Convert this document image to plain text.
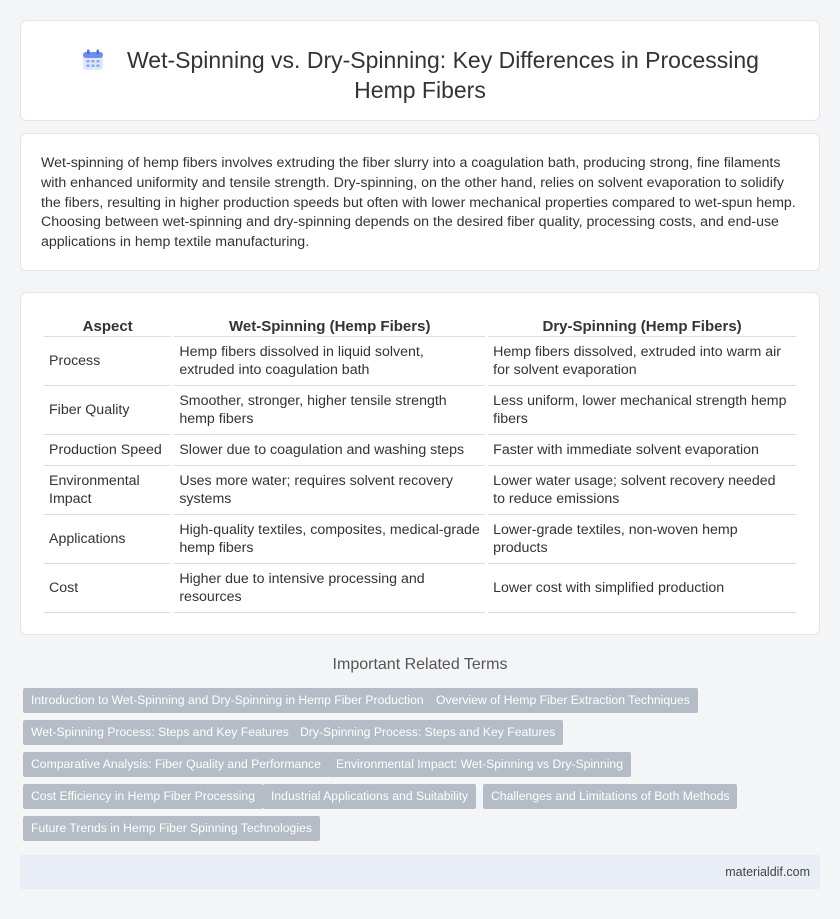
Wet-Spinning vs. Dry-Spinning: Key Differences in Processing Hemp Fibers

Wet-spinning of hemp fibers involves extruding the fiber slurry into a coagulation bath, producing strong, fine filaments with enhanced uniformity and tensile strength. Dry-spinning, on the other hand, relies on solvent evaporation to solidify the fibers, resulting in higher production speeds but often with lower mechanical properties compared to wet-spun hemp. Choosing between wet-spinning and dry-spinning depends on the desired fiber quality, processing costs, and end-use applications in hemp textile manufacturing.

Aspect	Wet-Spinning (Hemp Fibers)	Dry-Spinning (Hemp Fibers)
Process	Hemp fibers dissolved in liquid solvent, extruded into coagulation bath	Hemp fibers dissolved, extruded into warm air for solvent evaporation
Fiber Quality	Smoother, stronger, higher tensile strength hemp fibers	Less uniform, lower mechanical strength hemp fibers
Production Speed	Slower due to coagulation and washing steps	Faster with immediate solvent evaporation
Environmental Impact	Uses more water; requires solvent recovery systems	Lower water usage; solvent recovery needed to reduce emissions
Applications	High-quality textiles, composites, medical-grade hemp fibers	Lower-grade textiles, non-woven hemp products
Cost	Higher due to intensive processing and resources	Lower cost with simplified production
Important Related Terms
Introduction to Wet-Spinning and Dry-Spinning in Hemp Fiber Production	Overview of Hemp Fiber Extraction Techniques
Wet-Spinning Process: Steps and Key Features Dry-Spinning Process: Steps and Key Features
Comparative Analysis: Fiber Quality and Performance	Environmental Impact: Wet-Spinning vs Dry-Spinning
Cost Efficiency in Hemp Fiber Processing	Industrial Applications and Suitability	Challenges and Limitations of Both Methods
Future Trends in Hemp Fiber Spinning Technologies
materialdif.com
